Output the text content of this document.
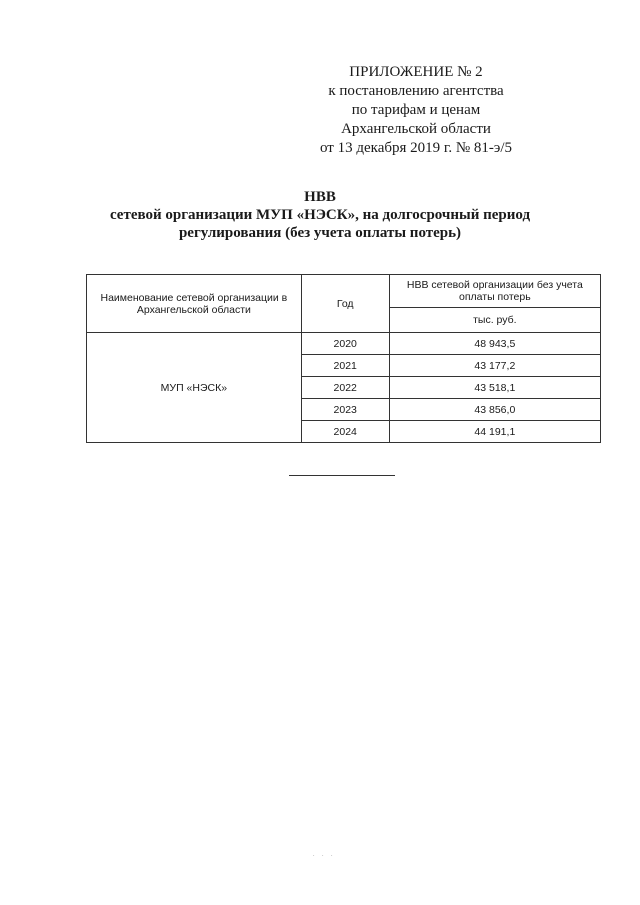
ПРИЛОЖЕНИЕ № 2
к постановлению агентства
по тарифам и ценам
Архангельской области
от 13 декабря 2019 г. № 81-э/5
НВВ
сетевой организации МУП «НЭСК», на долгосрочный период
регулирования (без учета оплаты потерь)
Наименование сетевой организации в Архангельской области	Год	НВВ сетевой организации без учета оплаты потерь
		тыс. руб.
МУП «НЭСК»	2020	48 943,5
	2021	43 177,2
	2022	43 518,1
	2023	43 856,0
	2024	44 191,1
. . .
